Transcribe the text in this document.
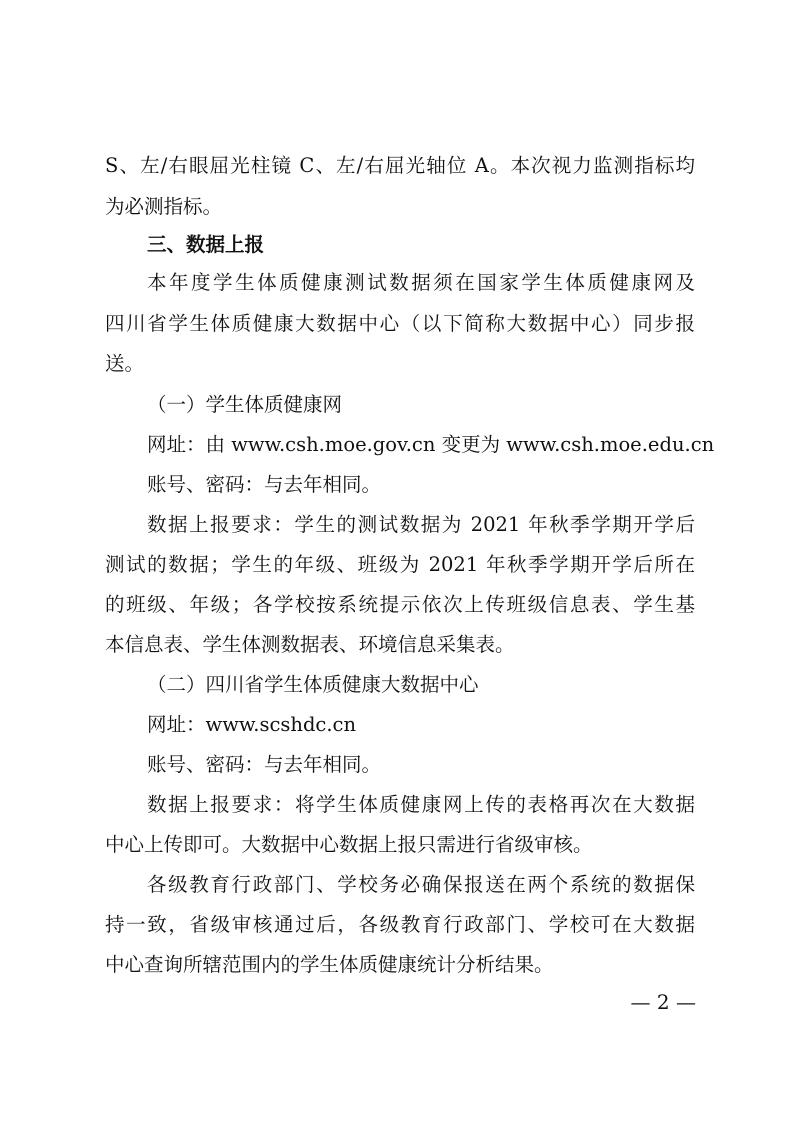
S、左/右眼屈光柱镜 C、左/右屈光轴位 A。本次视力监测指标均
为必测指标。
三、数据上报
本年度学生体质健康测试数据须在国家学生体质健康网及
四川省学生体质健康大数据中心（以下简称大数据中心）同步报
送。
（一）学生体质健康网
网址：由 www.csh.moe.gov.cn 变更为 www.csh.moe.edu.cn
账号、密码：与去年相同。
数据上报要求：学生的测试数据为 2021 年秋季学期开学后
测试的数据；学生的年级、班级为 2021 年秋季学期开学后所在
的班级、年级；各学校按系统提示依次上传班级信息表、学生基
本信息表、学生体测数据表、环境信息采集表。
（二）四川省学生体质健康大数据中心
网址：www.scshdc.cn
账号、密码：与去年相同。
数据上报要求：将学生体质健康网上传的表格再次在大数据
中心上传即可。大数据中心数据上报只需进行省级审核。
各级教育行政部门、学校务必确保报送在两个系统的数据保
持一致，省级审核通过后，各级教育行政部门、学校可在大数据
中心查询所辖范围内的学生体质健康统计分析结果。
— 2 —
